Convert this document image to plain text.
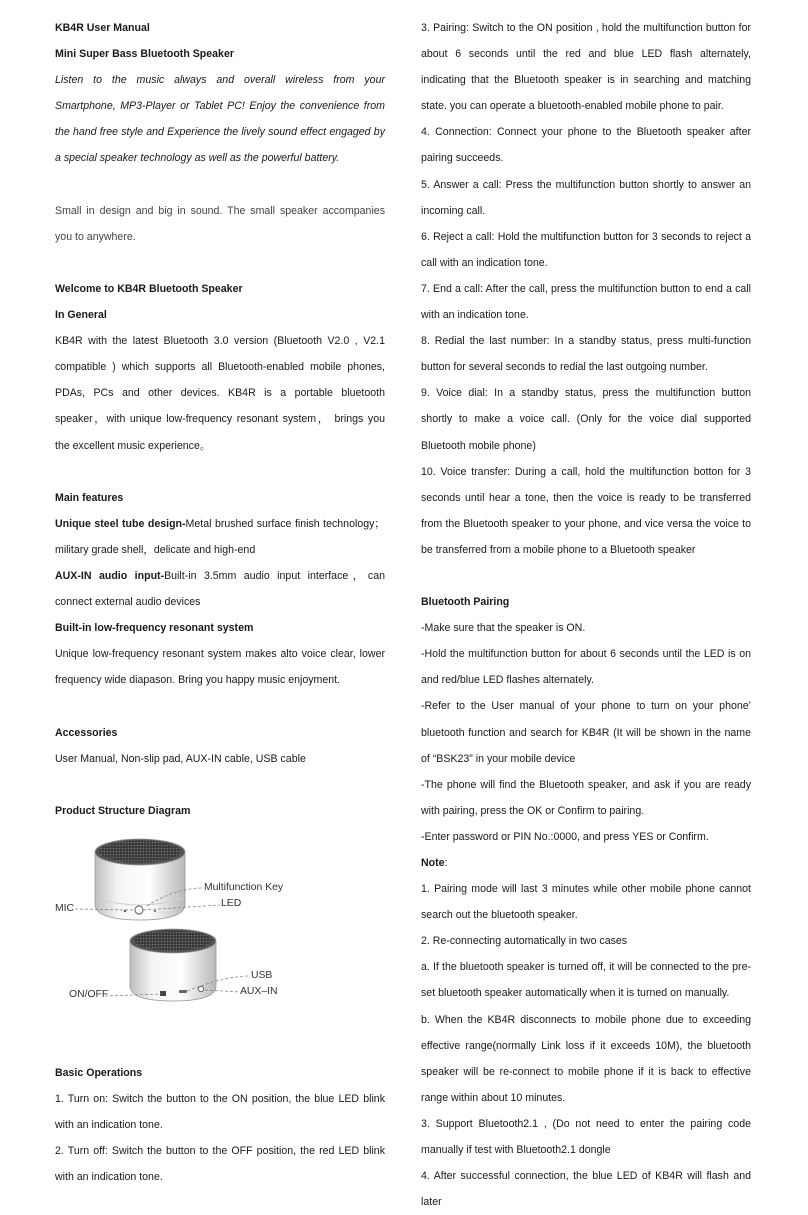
KB4R User Manual

Mini Super Bass Bluetooth Speaker

Listen to the music always and overall wireless from your Smartphone, MP3-Player or Tablet PC! Enjoy the convenience from the hand free style and Experience the lively sound effect engaged by a special speaker technology as well as the powerful battery.

Small in design and big in sound. The small speaker accompanies you to anywhere.

Welcome to KB4R Bluetooth Speaker

In General

KB4R with the latest Bluetooth 3.0 version (Bluetooth V2.0 , V2.1 compatible ) which supports all Bluetooth-enabled mobile phones, PDAs, PCs and other devices. KB4R is a portable bluetooth speaker，with unique low-frequency resonant system， brings you the excellent music experience。

Main features

Unique steel tube design-Metal brushed surface finish technology；military grade shell，delicate and high-end

AUX-IN audio input-Built-in 3.5mm audio input interface，can connect external audio devices

Built-in low-frequency resonant system

Unique low-frequency resonant system makes alto voice clear, lower frequency wide diapason. Bring you happy music enjoyment.

Accessories

User Manual, Non-slip pad, AUX-IN cable, USB cable

Product Structure Diagram

MIC
Multifunction Key
LED
USB
ON/OFF	AUX–IN

Basic Operations

1. Turn on: Switch the button to the ON position, the blue LED blink with an indication tone.

2. Turn off: Switch the button to the OFF position, the red LED blink with an indication tone.

3. Pairing: Switch to the ON position , hold the multifunction button for about 6 seconds until the red and blue LED flash alternately, indicating that the Bluetooth speaker is in searching and matching state. you can operate a bluetooth-enabled mobile phone to pair.

4. Connection: Connect your phone to the Bluetooth speaker after pairing succeeds.

5. Answer a call: Press the multifunction button shortly to answer an incoming call.

6. Reject a call: Hold the multifunction button for 3 seconds to reject a call with an indication tone.

7. End a call: After the call, press the multifunction button to end a call with an indication tone.

8. Redial the last number: In a standby status, press multi-function button for several seconds to redial the last outgoing number.

9. Voice dial: In a standby status, press the multifunction button shortly to make a voice call. (Only for the voice dial supported Bluetooth mobile phone)

10. Voice transfer: During a call, hold the multifunction botton for 3 seconds until hear a tone, then the voice is ready to be transferred from the Bluetooth speaker to your phone, and vice versa the voice to be transferred from a mobile phone to a Bluetooth speaker

Bluetooth Pairing

-Make sure that the speaker is ON.

-Hold the multifunction button for about 6 seconds until the LED is on and red/blue LED flashes alternately.

-Refer to the User manual of your phone to turn on your phone’ bluetooth function and search for KB4R (It will be shown in the name of “BSK23” in your mobile device

-The phone will find the Bluetooth speaker, and ask if you are ready with pairing, press the OK or Confirm to pairing.

-Enter password or PIN No.:0000, and press YES or Confirm.

Note:

1. Pairing mode will last 3 minutes while other mobile phone cannot search out the bluetooth speaker.

2. Re-connecting automatically in two cases

a. If the bluetooth speaker is turned off, it will be connected to the pre-set bluetooth speaker automatically when it is turned on manually.

b. When the KB4R disconnects to mobile phone due to exceeding effective range(normally Link loss if it exceeds 10M), the bluetooth speaker will be re-connect to mobile phone if it is back to effective range within about 10 minutes.

3. Support Bluetooth2.1 , (Do not need to enter the pairing code manually if test with Bluetooth2.1 dongle

4. After successful connection, the blue LED of KB4R will flash and later
